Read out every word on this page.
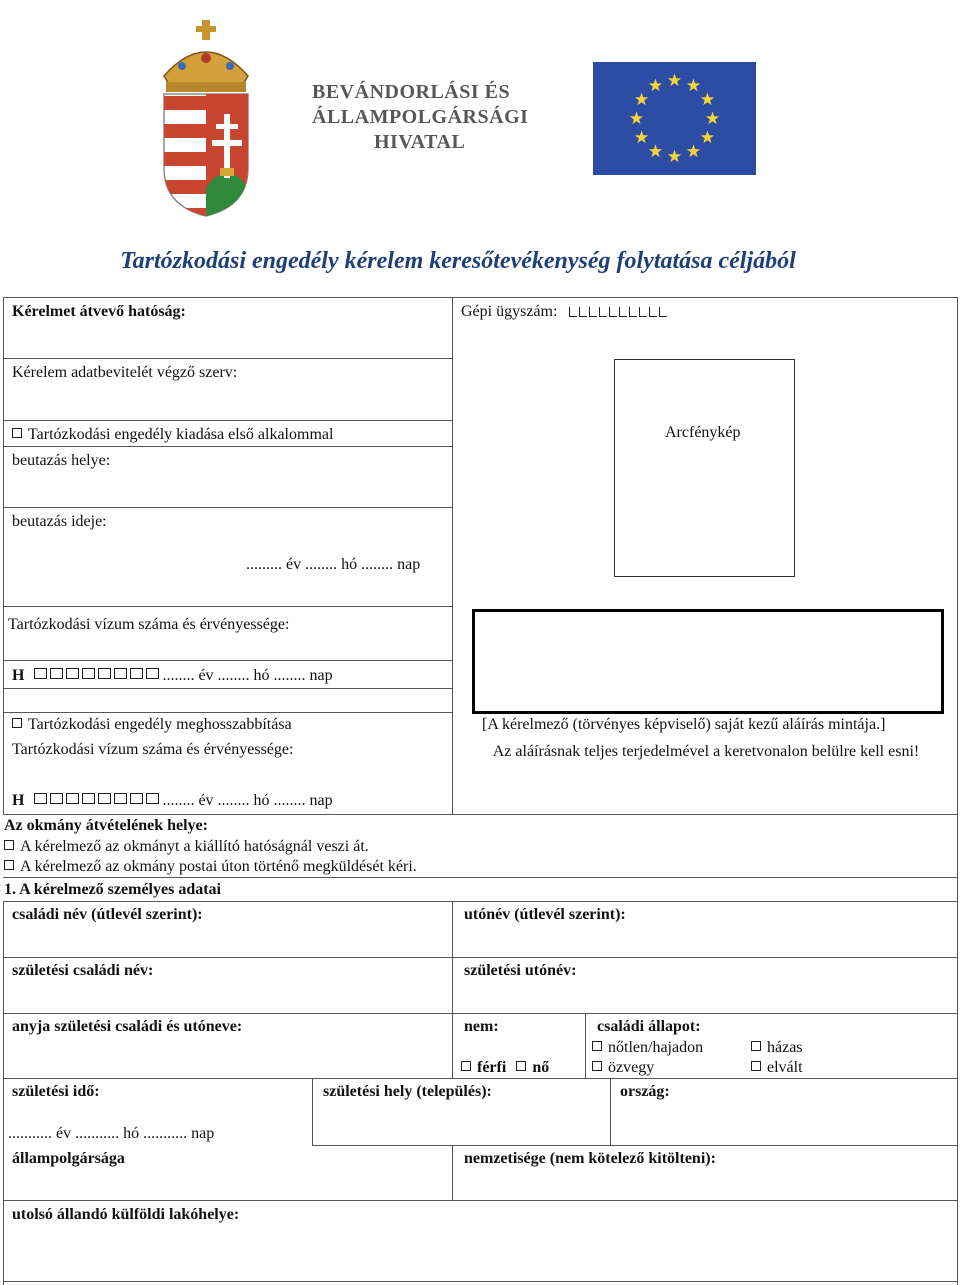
BEVÁNDORLÁSI ÉS
ÁLLAMPOLGÁRSÁGI
HIVATAL
Tartózkodási engedély kérelem keresőtevékenység folytatása céljából
Kérelmet átvevő hatóság:	Gépi ügyszám:
Kérelem adatbevitelét végző szerv:
Tartózkodási engedély kiadása első alkalommal
beutazás helye:
Arcfénykép
beutazás ideje:
......... év ........ hó ........ nap
Tartózkodási vízum száma és érvényessége:
H	........ év ........ hó ........ nap
Tartózkodási engedély meghosszabbítása
Tartózkodási vízum száma és érvényessége:
H	........ év ........ hó ........ nap
[A kérelmező (törvényes képviselő) saját kezű aláírás mintája.]
Az aláírásnak teljes terjedelmével a keretvonalon belülre kell esni!
Az okmány átvételének helye:
A kérelmező az okmányt a kiállító hatóságnál veszi át.
A kérelmező az okmány postai úton történő megküldését kéri.
1. A kérelmező személyes adatai
családi név (útlevél szerint):	utónév (útlevél szerint):
születési családi név:	születési utónév:
anyja születési családi és utóneve:	nem:
férfi nő
családi állapot:
nőtlen/hajadon	házas
özvegy	elvált
születési idő:	születési hely (település):	ország:
........... év ........... hó ........... nap
állampolgársága	nemzetisége (nem kötelező kitölteni):
utolsó állandó külföldi lakóhelye:
